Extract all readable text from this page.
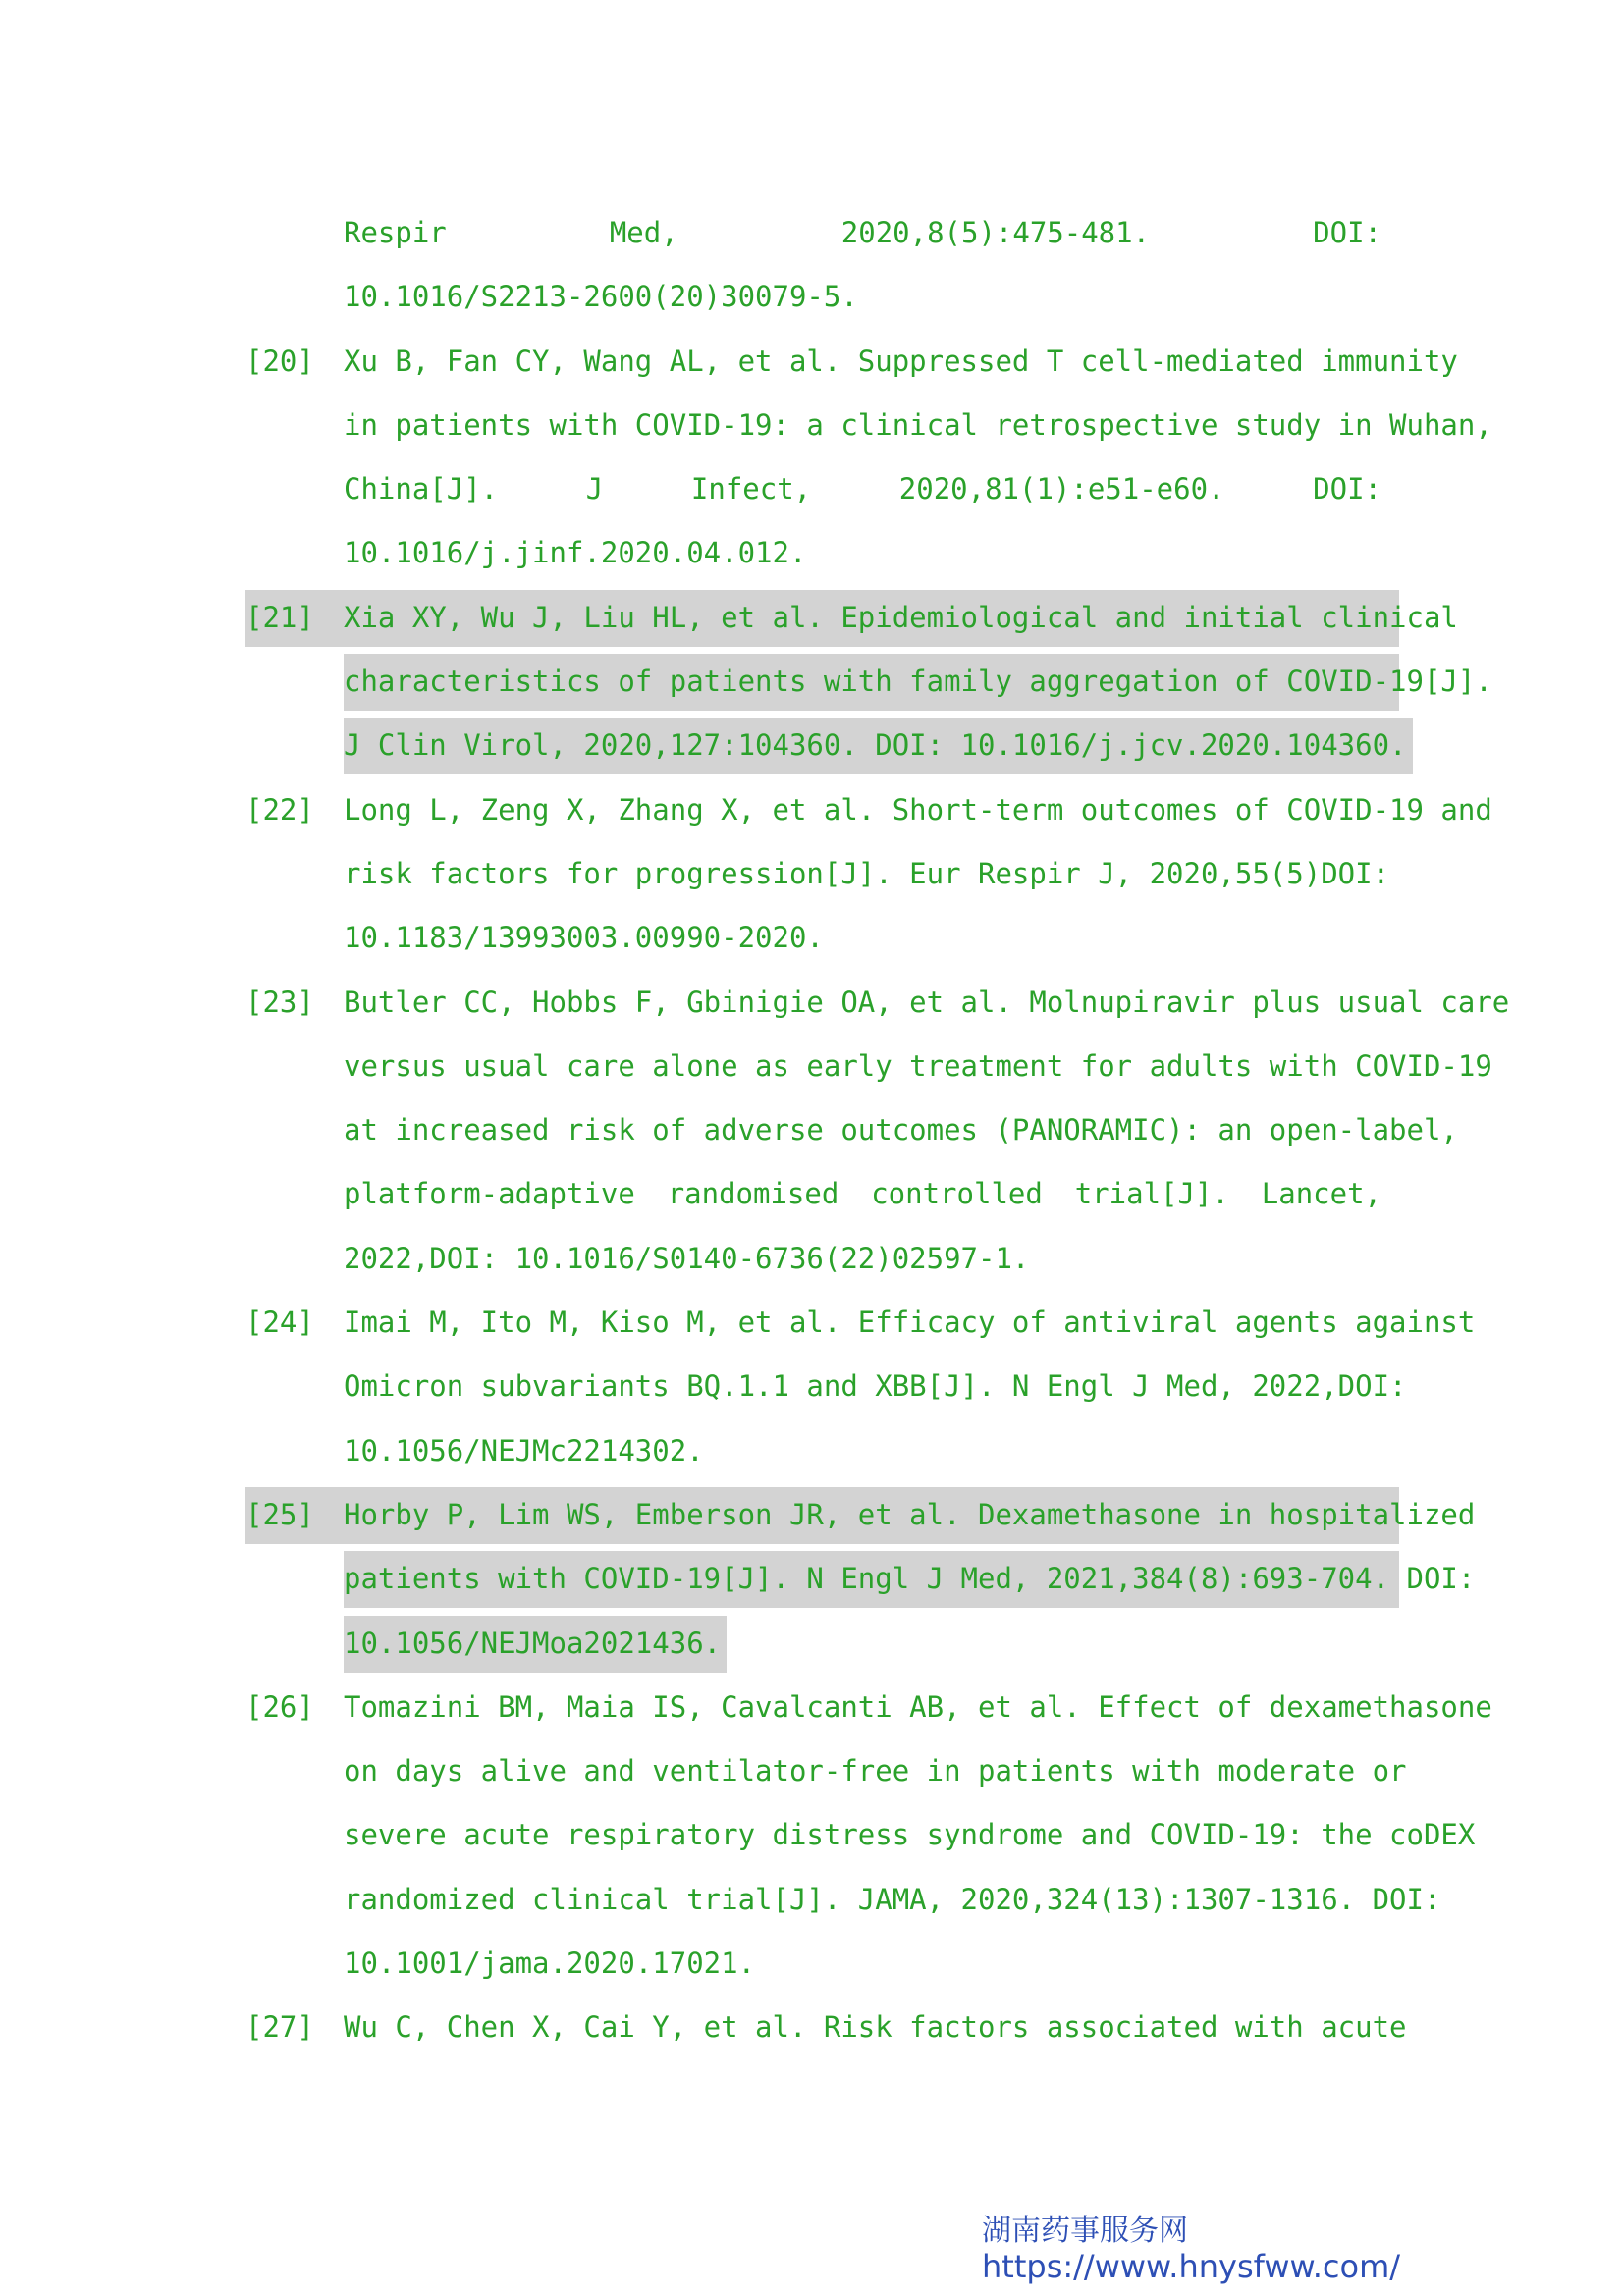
Respir Med, 2020,8(5):475-481. DOI:
10.1016/S2213-2600(20)30079-5.
[20] Xu B, Fan CY, Wang AL, et al. Suppressed T cell-mediated immunity
in patients with COVID-19: a clinical retrospective study in Wuhan,
China[J]. J Infect, 2020,81(1):e51-e60. DOI:
10.1016/j.jinf.2020.04.012.
[21] Xia XY, Wu J, Liu HL, et al. Epidemiological and initial clinical
characteristics of patients with family aggregation of COVID-19[J].
J Clin Virol, 2020,127:104360. DOI: 10.1016/j.jcv.2020.104360.
[22] Long L, Zeng X, Zhang X, et al. Short-term outcomes of COVID-19 and
risk factors for progression[J]. Eur Respir J, 2020,55(5)DOI:
10.1183/13993003.00990-2020.
[23] Butler CC, Hobbs F, Gbinigie OA, et al. Molnupiravir plus usual care
versus usual care alone as early treatment for adults with COVID-19
at increased risk of adverse outcomes (PANORAMIC): an open-label,
platform-adaptive randomised controlled trial[J]. Lancet,
2022,DOI: 10.1016/S0140-6736(22)02597-1.
[24] Imai M, Ito M, Kiso M, et al. Efficacy of antiviral agents against
Omicron subvariants BQ.1.1 and XBB[J]. N Engl J Med, 2022,DOI:
10.1056/NEJMc2214302.
[25] Horby P, Lim WS, Emberson JR, et al. Dexamethasone in hospitalized
patients with COVID-19[J]. N Engl J Med, 2021,384(8):693-704. DOI:
10.1056/NEJMoa2021436.
[26] Tomazini BM, Maia IS, Cavalcanti AB, et al. Effect of dexamethasone
on days alive and ventilator-free in patients with moderate or
severe acute respiratory distress syndrome and COVID-19: the coDEX
randomized clinical trial[J]. JAMA, 2020,324(13):1307-1316. DOI:
10.1001/jama.2020.17021.
[27] Wu C, Chen X, Cai Y, et al. Risk factors associated with acute
湖南药事服务网
https://www.hnysfww.com/
